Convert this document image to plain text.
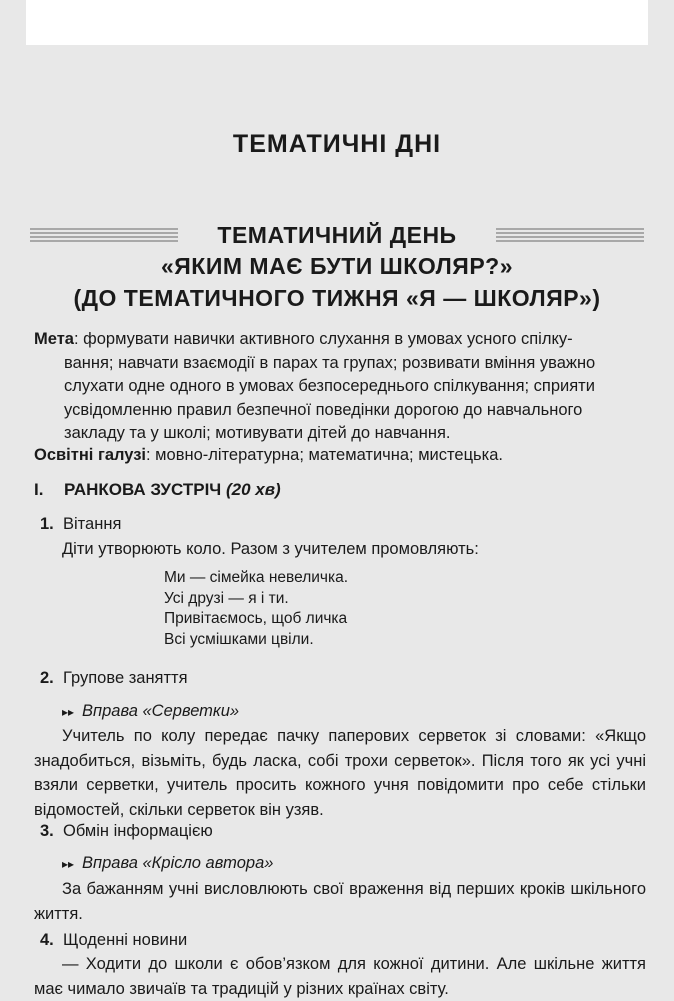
ТЕМАТИЧНІ ДНІ
ТЕМАТИЧНИЙ ДЕНЬ
«ЯКИМ МАЄ БУТИ ШКОЛЯР?»
(ДО ТЕМАТИЧНОГО ТИЖНЯ «Я — ШКОЛЯР»)
Мета: формувати навички активного слухання в умовах усного спілку-
вання; навчати взаємодії в парах та групах; розвивати вміння уважно слухати одне одного в умовах безпосереднього спілкування; сприяти усвідомленню правил безпечної поведінки дорогою до навчального закладу та у школі; мотивувати дітей до навчання.
Освітні галузі: мовно-літературна; математична; мистецька.
I. РАНКОВА ЗУСТРІЧ (20 хв)
1. Вітання
Діти утворюють коло. Разом з учителем промовляють:
Ми — сімейка невеличка.
Усі друзі — я і ти.
Привітаємось, щоб личка
Всі усмішками цвіли.
2. Групове заняття
▸▸ Вправа «Серветки»
Учитель по колу передає пачку паперових серветок зі словами: «Якщо знадобиться, візьміть, будь ласка, собі трохи серветок». Після того як усі учні взяли серветки, учитель просить кожного учня повідомити про себе стільки відомостей, скільки серветок він узяв.
3. Обмін інформацією
▸▸ Вправа «Крісло автора»
За бажанням учні висловлюють свої враження від перших кроків шкільного життя.
4. Щоденні новини
— Ходити до школи є обов’язком для кожної дитини. Але шкільне життя має чимало звичаїв та традицій у різних країнах світу.
